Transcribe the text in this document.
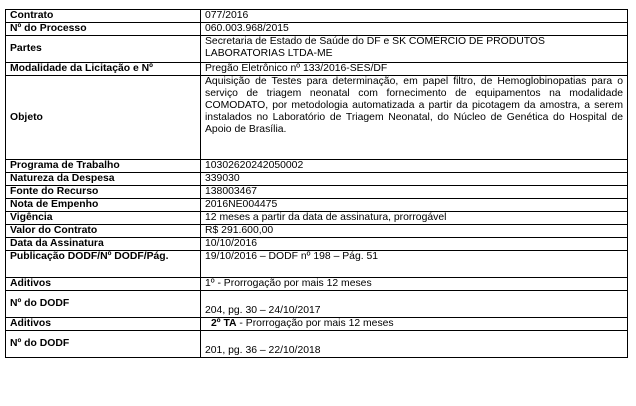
Contrato	077/2016
Nº do Processo	060.003.968/2015
Partes	Secretaria de Estado de Saúde do DF e SK COMÉRCIO DE PRODUTOS LABORATORIAS LTDA-ME
Modalidade da Licitação e Nº	Pregão Eletrônico nº 133/2016-SES/DF
Objeto	Aquisição de Testes para determinação, em papel filtro, de Hemoglobinopatias para o serviço de triagem neonatal com fornecimento de equipamentos na modalidade COMODATO, por metodologia automatizada a partir da picotagem da amostra, a serem instalados no Laboratório de Triagem Neonatal, do Núcleo de Genética do Hospital de Apoio de Brasília.
Programa de Trabalho	10302620242050002
Natureza da Despesa	339030
Fonte do Recurso	138003467
Nota de Empenho	2016NE004475
Vigência	12 meses a partir da data de assinatura, prorrogável
Valor do Contrato	R$ 291.600,00
Data da Assinatura	10/10/2016
Publicação DODF/Nº DODF/Pág.	19/10/2016 – DODF nº 198 – Pág. 51
Aditivos	1º - Prorrogação por mais 12 meses
Nº do DODF	204, pg. 30 – 24/10/2017
Aditivos	2º TA - Prorrogação por mais 12 meses
Nº do DODF	201, pg. 36 – 22/10/2018
